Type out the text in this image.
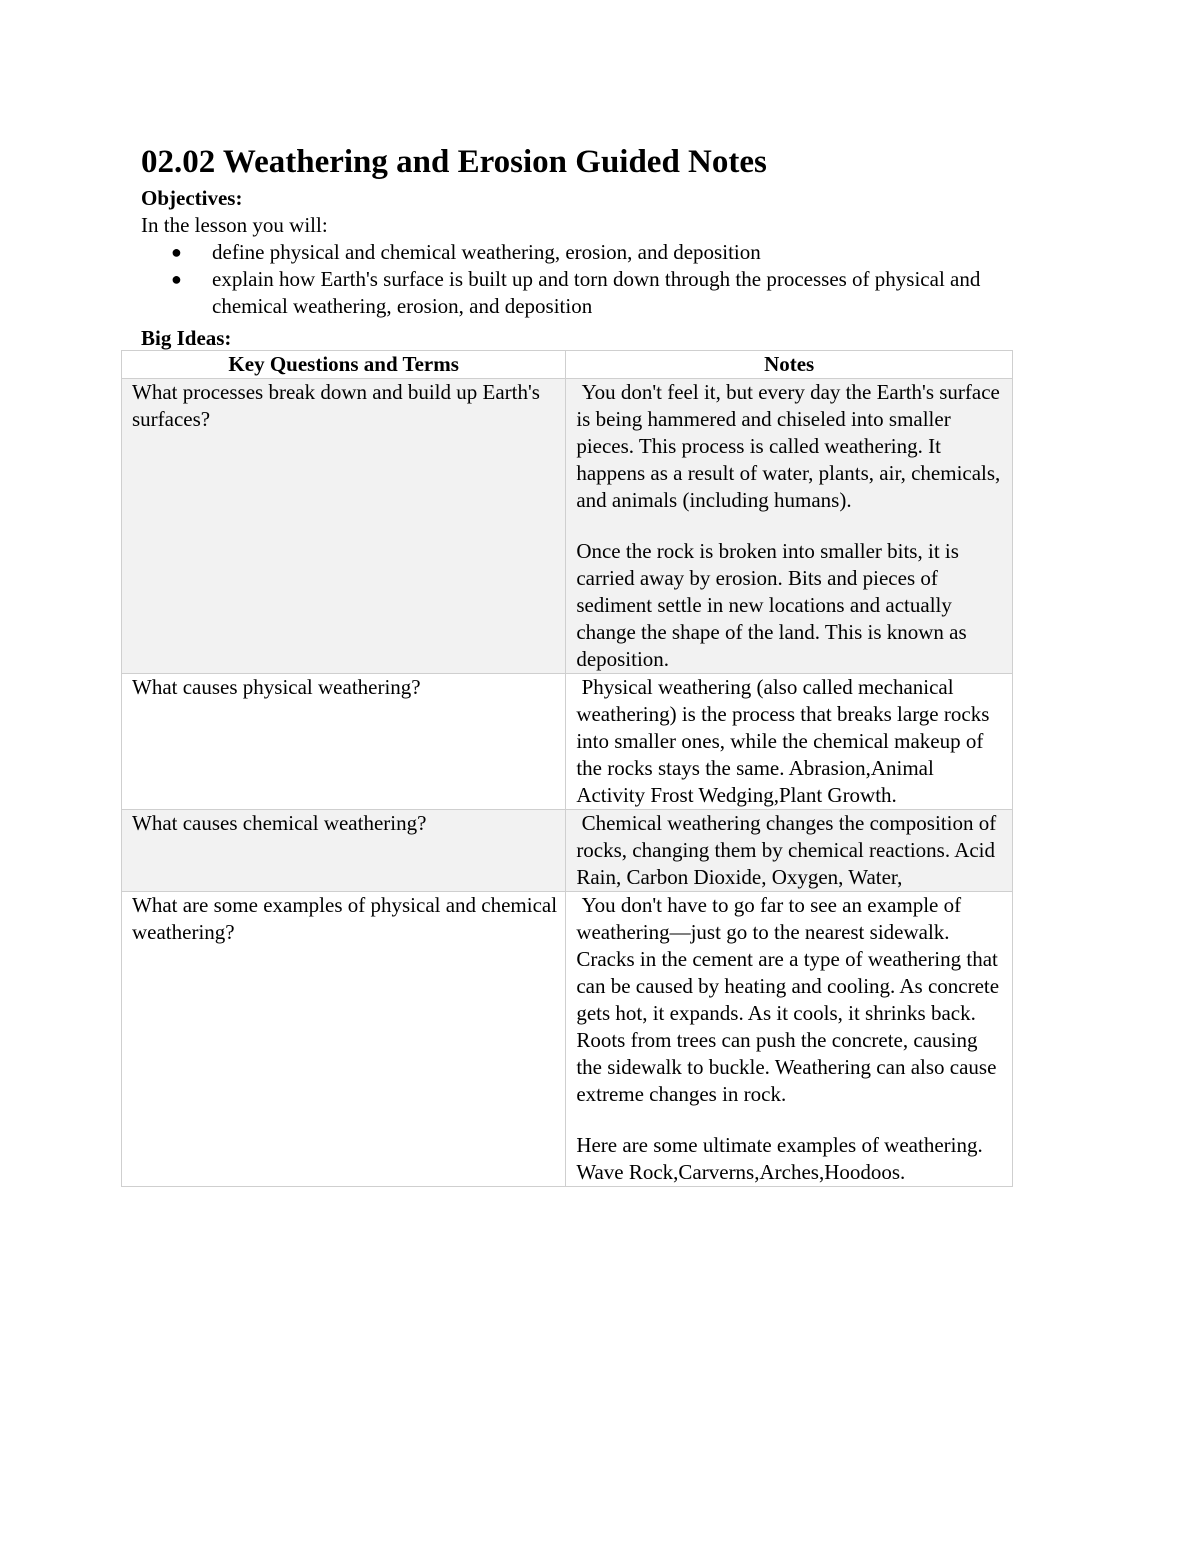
02.02 Weathering and Erosion Guided Notes
Objectives:

In the lesson you will:

● define physical and chemical weathering, erosion, and deposition
● explain how Earth's surface is built up and torn down through the processes of physical and chemical weathering, erosion, and deposition
Big Ideas:
Key Questions and Terms	Notes
What processes break down and build up Earth's surfaces?	You don't feel it, but every day the Earth's surface is being hammered and chiseled into smaller pieces. This process is called weathering. It happens as a result of water, plants, air, chemicals, and animals (including humans).
Once the rock is broken into smaller bits, it is carried away by erosion. Bits and pieces of sediment settle in new locations and actually change the shape of the land. This is known as deposition.

What causes physical weathering?	Physical weathering (also called mechanical weathering) is the process that breaks large rocks into smaller ones, while the chemical makeup of the rocks stays the same. Abrasion,Animal Activity Frost Wedging,Plant Growth.

What causes chemical weathering?	Chemical weathering changes the composition of rocks, changing them by chemical reactions. Acid Rain, Carbon Dioxide, Oxygen, Water,

What are some examples of physical and chemical weathering?	You don't have to go far to see an example of weathering—just go to the nearest sidewalk. Cracks in the cement are a type of weathering that can be caused by heating and cooling. As concrete gets hot, it expands. As it cools, it shrinks back. Roots from trees can push the concrete, causing the sidewalk to buckle. Weathering can also cause extreme changes in rock.
Here are some ultimate examples of weathering. Wave Rock,Carverns,Arches,Hoodoos.
